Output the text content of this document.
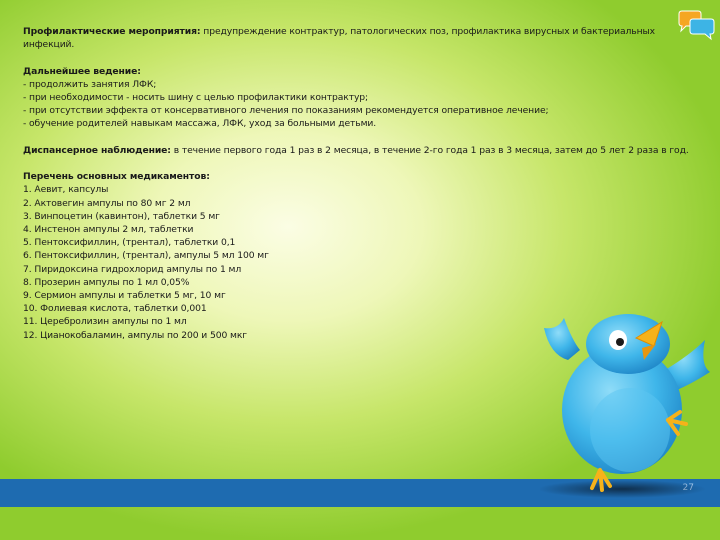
Профилактические мероприятия: предупреждение контрактур, патологических поз, профилактика вирусных и бактериальных инфекций.

Дальнейшее ведение:

- продолжить занятия ЛФК;

- при необходимости - носить шину с целью профилактики контрактур;

- при отсутствии эффекта от консервативного лечения по показаниям рекомендуется оперативное лечение;

- обучение родителей навыкам массажа, ЛФК, уход за больными детьми.

Диспансерное наблюдение: в течение первого года 1 раз в 2 месяца, в течение 2-го года 1 раз в 3 месяца, затем до 5 лет 2 раза в год.

Перечень основных медикаментов:

1. Аевит, капсулы

2. Актовегин ампулы по 80 мг 2 мл

3. Винпоцетин (кавинтон), таблетки 5 мг

4. Инстенон ампулы 2 мл, таблетки

5. Пентоксифиллин, (трентал), таблетки 0,1

6. Пентоксифиллин, (трентал), ампулы 5 мл 100 мг

7. Пиридоксина гидрохлорид ампулы по 1 мл

8. Прозерин ампулы по 1 мл 0,05%

9. Сермион ампулы и таблетки 5 мг, 10 мг

10. Фолиевая кислота, таблетки 0,001

11. Церебролизин ампулы по 1 мл

12. Цианокобаламин, ампулы по 200 и 500 мкг
